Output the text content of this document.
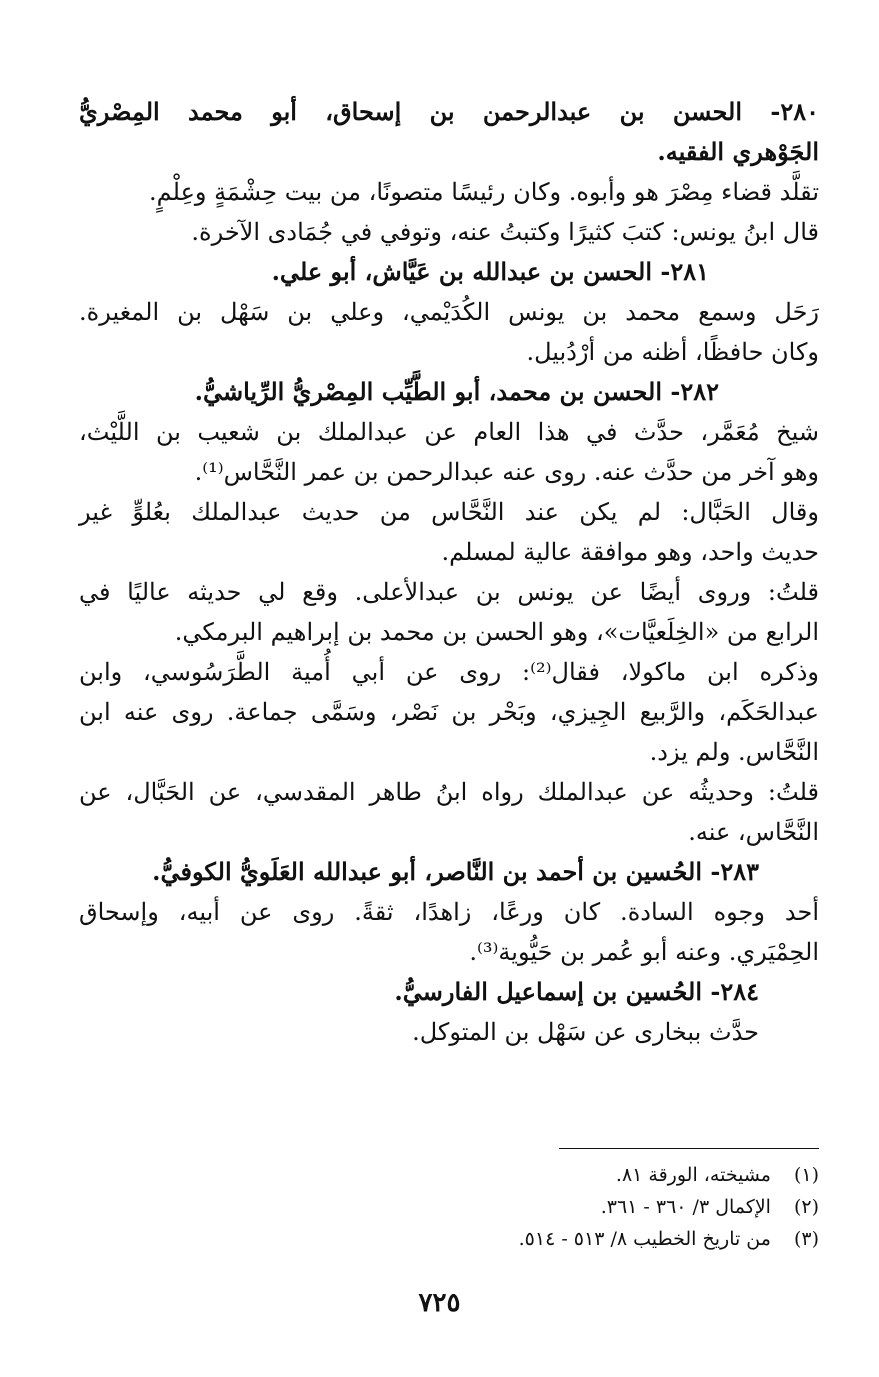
٢٨٠- الحسن بن عبدالرحمن بن إسحاق، أبو محمد المِصْريُّ

الجَوْهري الفقيه.

تقلَّد قضاء مِصْرَ هو وأبوه. وكان رئيسًا متصونًا، من بيت حِشْمَةٍ وعِلْمٍ.

قال ابنُ يونس: كتبَ كثيرًا وكتبتُ عنه، وتوفي في جُمَادى الآخرة.

٢٨١- الحسن بن عبدالله بن عَيَّاش، أبو علي.

رَحَل وسمع محمد بن يونس الكُدَيْمي، وعلي بن سَهْل بن المغيرة.

وكان حافظًا، أظنه من أرْدُبيل.

٢٨٢- الحسن بن محمد، أبو الطَّيِّب المِصْريُّ الرِّياشيُّ.

شيخ مُعَمَّر، حدَّث في هذا العام عن عبدالملك بن شعيب بن اللَّيْث،

وهو آخر من حدَّث عنه. روى عنه عبدالرحمن بن عمر النَّحَّاس⁽¹⁾.

وقال الحَبَّال: لم يكن عند النَّحَّاس من حديث عبدالملك بعُلوٍّ غير

حديث واحد، وهو موافقة عالية لمسلم.

قلتُ: وروى أيضًا عن يونس بن عبدالأعلى. وقع لي حديثه عاليًا في

الرابع من «الخِلَعيَّات»، وهو الحسن بن محمد بن إبراهيم البرمكي.

وذكره ابن ماكولا، فقال⁽²⁾: روى عن أبي أُمية الطَّرَسُوسي، وابن

عبدالحَكَم، والرَّبيع الجِيزي، وبَحْر بن نَصْر، وسَمَّى جماعة. روى عنه ابن

النَّحَّاس. ولم يزد.

قلتُ: وحديثُه عن عبدالملك رواه ابنُ طاهر المقدسي، عن الحَبَّال، عن

النَّحَّاس، عنه.

٢٨٣- الحُسين بن أحمد بن النَّاصر، أبو عبدالله العَلَويُّ الكوفيُّ.

أحد وجوه السادة. كان ورعًا، زاهدًا، ثقةً. روى عن أبيه، وإسحاق

الحِمْيَري. وعنه أبو عُمر بن حَيُّوية⁽³⁾.

٢٨٤- الحُسين بن إسماعيل الفارسيُّ.

حدَّث ببخارى عن سَهْل بن المتوكل.

(١) مشيخته، الورقة ٨١.
(٢) الإكمال ٣/ ٣٦٠ - ٣٦١.
(٣) من تاريخ الخطيب ٨/ ٥١٣ - ٥١٤.
٧٢٥
